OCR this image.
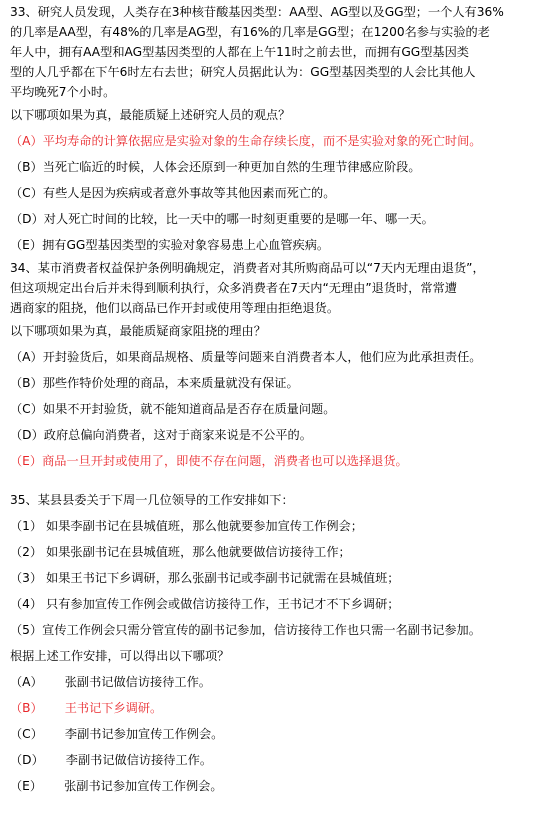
33、研究人员发现，人类存在3种核苷酸基因类型：AA型、AG型以及GG型；一个人有36%
的几率是AA型，有48%的几率是AG型，有16%的几率是GG型；在1200名参与实验的老
年人中，拥有AA型和AG型基因类型的人都在上午11时之前去世，而拥有GG型基因类
型的人几乎都在下午6时左右去世；研究人员据此认为：GG型基因类型的人会比其他人
平均晚死7个小时。
以下哪项如果为真，最能质疑上述研究人员的观点？
（A）平均寿命的计算依据应是实验对象的生命存续长度，而不是实验对象的死亡时间。
（B）当死亡临近的时候，人体会还原到一种更加自然的生理节律感应阶段。
（C）有些人是因为疾病或者意外事故等其他因素而死亡的。
（D）对人死亡时间的比较，比一天中的哪一时刻更重要的是哪一年、哪一天。
（E）拥有GG型基因类型的实验对象容易患上心血管疾病。
34、某市消费者权益保护条例明确规定，消费者对其所购商品可以“7天内无理由退货”，
但这项规定出台后并未得到顺利执行，众多消费者在7天内“无理由”退货时，常常遭
遇商家的阻挠，他们以商品已作开封或使用等理由拒绝退货。
以下哪项如果为真，最能质疑商家阻挠的理由？
（A）开封验货后，如果商品规格、质量等问题来自消费者本人，他们应为此承担责任。
（B）那些作特价处理的商品，本来质量就没有保证。
（C）如果不开封验货，就不能知道商品是否存在质量问题。
（D）政府总偏向消费者，这对于商家来说是不公平的。
（E）商品一旦开封或使用了，即使不存在问题，消费者也可以选择退货。
35、某县县委关于下周一几位领导的工作安排如下：
（1） 如果李副书记在县城值班，那么他就要参加宣传工作例会；
（2） 如果张副书记在县城值班，那么他就要做信访接待工作；
（3） 如果王书记下乡调研，那么张副书记或李副书记就需在县城值班；
（4） 只有参加宣传工作例会或做信访接待工作，王书记才不下乡调研；
（5）宣传工作例会只需分管宣传的副书记参加，信访接待工作也只需一名副书记参加。
根据上述工作安排，可以得出以下哪项？
（A） 张副书记做信访接待工作。
（B） 王书记下乡调研。
（C） 李副书记参加宣传工作例会。
（D） 李副书记做信访接待工作。
（E） 张副书记参加宣传工作例会。
